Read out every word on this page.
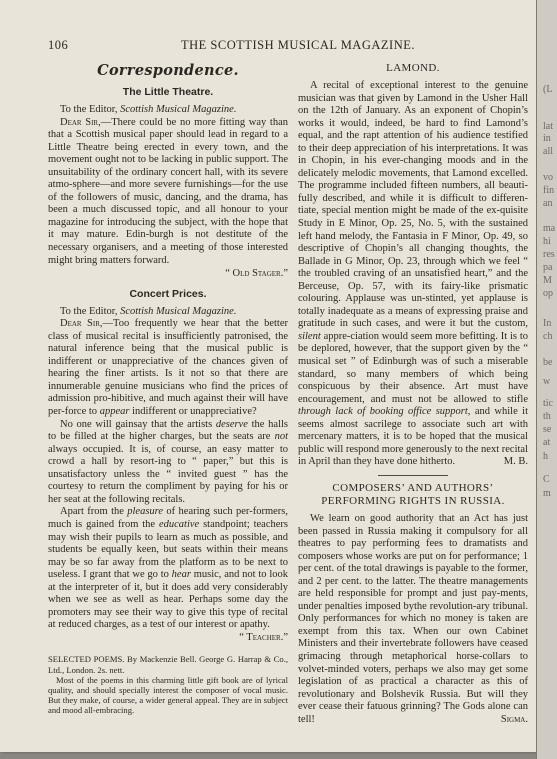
106	THE SCOTTISH MUSICAL MAGAZINE.
Correspondence.
The Little Theatre.

To the Editor, Scottish Musical Magazine.

Dear Sir,—There could be no more fitting way than that a Scottish musical paper should lead in regard to a Little Theatre being erected in every town, and the movement ought not to be lacking in public support. The unsuitability of the ordinary concert hall, with its severe atmo-sphere—and more severe furnishings—for the use of the followers of music, dancing, and the drama, has been a much discussed topic, and all honour to your magazine for introducing the subject, with the hope that it may mature. Edin-burgh is not destitute of the necessary organisers, and a meeting of those interested might bring matters forward.

“ Old Stager.”
Concert Prices.

To the Editor, Scottish Musical Magazine.

Dear Sir,—Too frequently we hear that the better class of musical recital is insufficiently patronised, the natural inference being that the musical public is indifferent or unappreciative of the chances given of hearing the finer artists. Is it not so that there are innumerable genuine musicians who find the prices of admission pro-hibitive, and much against their will have per-force to appear indifferent or unappreciative?

No one will gainsay that the artists deserve the halls to be filled at the higher charges, but the seats are not always occupied. It is, of course, an easy matter to crowd a hall by resort-ing to “ paper,” but this is unsatisfactory unless the “ invited guest ” has the courtesy to return the compliment by paying for his or her seat at the following recitals.

Apart from the pleasure of hearing such per-formers, much is gained from the educative standpoint; teachers may wish their pupils to learn as much as possible, and students be equally keen, but seats within their means may be so far away from the platform as to be next to useless. I grant that we go to hear music, and not to look at the interpreter of it, but it does add very considerably when we see as well as hear. Perhaps some day the promoters may see their way to give this type of recital at reduced charges, as a test of our interest or apathy.

“ Teacher.”

SELECTED POEMS. By Mackenzie Bell. George G. Harrap & Co., Ltd., London. 2s. nett.

Most of the poems in this charming little gift book are of lyrical quality, and should specially interest the composer of vocal music. But they make, of course, a wider general appeal. They are in subject and mood all-embracing.

LAMOND.

A recital of exceptional interest to the genuine musician was that given by Lamond in the Usher Hall on the 12th of January. As an exponent of Chopin’s works it would, indeed, be hard to find Lamond’s equal, and the rapt attention of his audience testified to their deep appreciation of his interpretations. It was in Chopin, in his ever-changing moods and in the delicately melodic movements, that Lamond excelled. The programme included fifteen numbers, all beauti-fully described, and while it is difficult to differen-tiate, special mention might be made of the ex-quisite Study in E Minor, Op. 25, No. 5, with the sustained left hand melody, the Fantasia in F Minor, Op. 49, so descriptive of Chopin’s all changing thoughts, the Ballade in G Minor, Op. 23, through which we feel “ the troubled craving of an unsatisfied heart,” and the Berceuse, Op. 57, with its fairy-like prismatic colouring. Applause was un-stinted, yet applause is totally inadequate as a means of expressing praise and gratitude in such cases, and were it but the custom, silent appre-ciation would seem more befitting. It is to be deplored, however, that the support given by the “ musical set ” of Edinburgh was of such a miserable standard, so many members of which being conspicuous by their absence. Art must have encouragement, and must not be allowed to stifle through lack of booking office support, and while it seems almost sacrilege to associate such art with mercenary matters, it is to be hoped that the musical public will respond more generously to the next recital in April than they have done hitherto.	M. B.

COMPOSERS’ AND AUTHORS’ PERFORMING RIGHTS IN RUSSIA.

We learn on good authority that an Act has just been passed in Russia making it compulsory for all theatres to pay performing fees to dramatists and composers whose works are put on for performance; 1 per cent. of the total drawings is payable to the former, and 2 per cent. to the latter. The theatre managements are held responsible for prompt and just pay-ments, under penalties imposed bythe revolution-ary tribunal. Only performances for which no money is taken are exempt from this tax. When our own Cabinet Ministers and their invertebrate followers have ceased grimacing through metaphorical horse-collars to volvet-minded voters, perhaps we also may get some legislation of as practical a character as this of revolutionary and Bolshevik Russia. But will they ever cease their fatuous grinning? The Gods alone can tell!	Sigma.

(L
lat
in
all
vo
fin
an
ma
hi
res
pa
M
op
In
ch
be
w
tic
th
se
at
h
C
m
